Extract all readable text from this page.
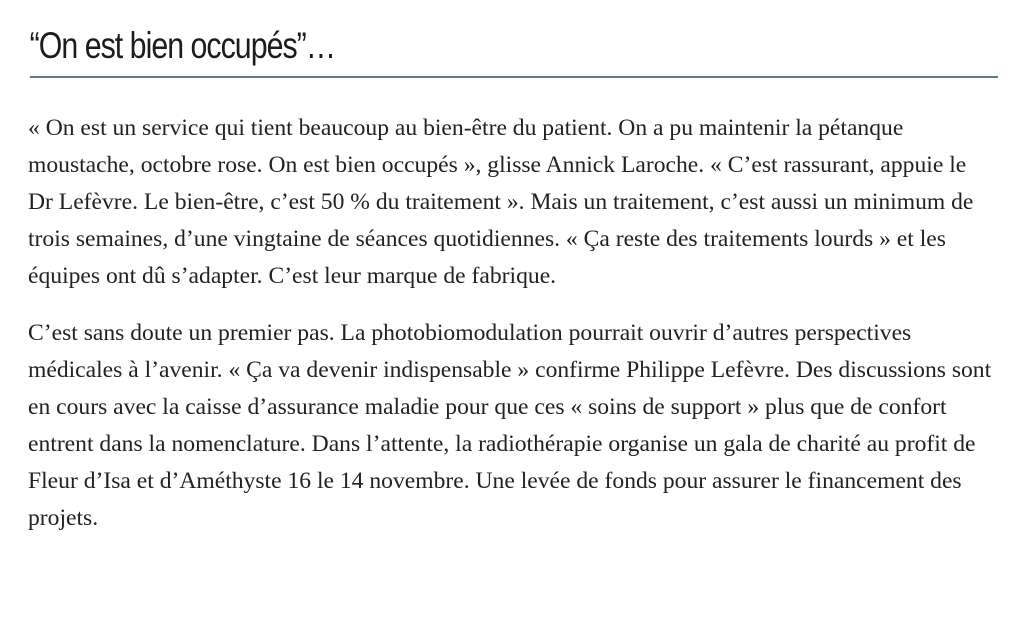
“On est bien occupés”…

« On est un service qui tient beaucoup au bien-être du patient. On a pu maintenir la pétanque moustache, octobre rose. On est bien occupés », glisse Annick Laroche. « C’est rassurant, appuie le Dr Lefèvre. Le bien-être, c’est 50 % du traitement ». Mais un traitement, c’est aussi un minimum de trois semaines, d’une vingtaine de séances quotidiennes. « Ça reste des traitements lourds » et les équipes ont dû s’adapter. C’est leur marque de fabrique.

C’est sans doute un premier pas. La photobiomodulation pourrait ouvrir d’autres perspectives médicales à l’avenir. « Ça va devenir indispensable » confirme Philippe Lefèvre. Des discussions sont en cours avec la caisse d’assurance maladie pour que ces « soins de support » plus que de confort entrent dans la nomenclature. Dans l’attente, la radiothérapie organise un gala de charité au profit de Fleur d’Isa et d’Améthyste 16 le 14 novembre. Une levée de fonds pour assurer le financement des projets.
